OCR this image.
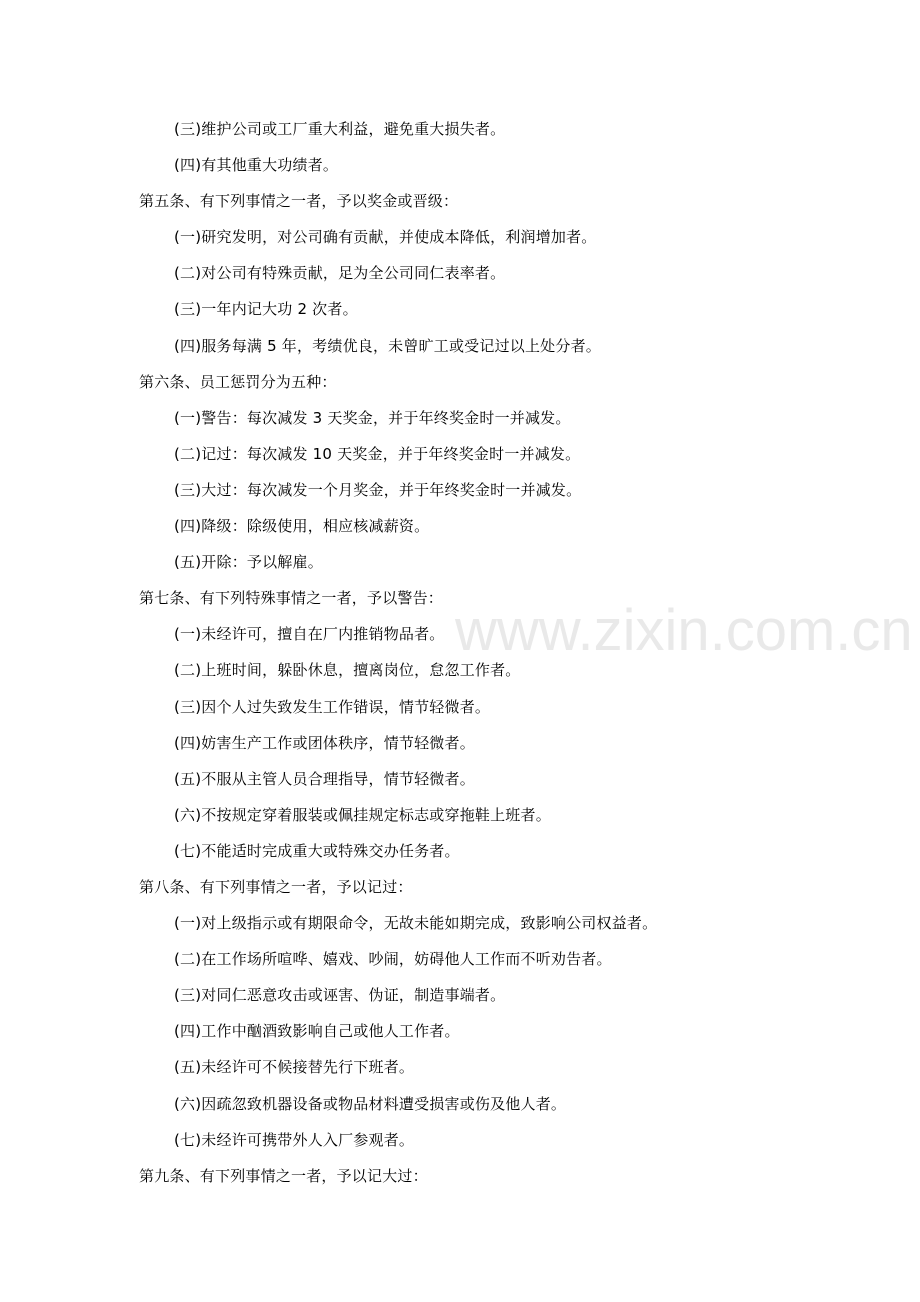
www.zixin.com.cn
(三)维护公司或工厂重大利益，避免重大损失者。
(四)有其他重大功绩者。
第五条、有下列事情之一者，予以奖金或晋级：
(一)研究发明，对公司确有贡献，并使成本降低，利润增加者。
(二)对公司有特殊贡献，足为全公司同仁表率者。
(三)一年内记大功 2 次者。
(四)服务每满 5 年，考绩优良，未曾旷工或受记过以上处分者。
第六条、员工惩罚分为五种：
(一)警告：每次减发 3 天奖金，并于年终奖金时一并减发。
(二)记过：每次减发 10 天奖金，并于年终奖金时一并减发。
(三)大过：每次减发一个月奖金，并于年终奖金时一并减发。
(四)降级：除级使用，相应核减薪资。
(五)开除：予以解雇。
第七条、有下列特殊事情之一者，予以警告：
(一)未经许可，擅自在厂内推销物品者。
(二)上班时间，躲卧休息，擅离岗位，怠忽工作者。
(三)因个人过失致发生工作错误，情节轻微者。
(四)妨害生产工作或团体秩序，情节轻微者。
(五)不服从主管人员合理指导，情节轻微者。
(六)不按规定穿着服装或佩挂规定标志或穿拖鞋上班者。
(七)不能适时完成重大或特殊交办任务者。
第八条、有下列事情之一者，予以记过：
(一)对上级指示或有期限命令，无故未能如期完成，致影响公司权益者。
(二)在工作场所喧哗、嬉戏、吵闹，妨碍他人工作而不听劝告者。
(三)对同仁恶意攻击或诬害、伪证，制造事端者。
(四)工作中酗酒致影响自己或他人工作者。
(五)未经许可不候接替先行下班者。
(六)因疏忽致机器设备或物品材料遭受损害或伤及他人者。
(七)未经许可携带外人入厂参观者。
第九条、有下列事情之一者，予以记大过：
